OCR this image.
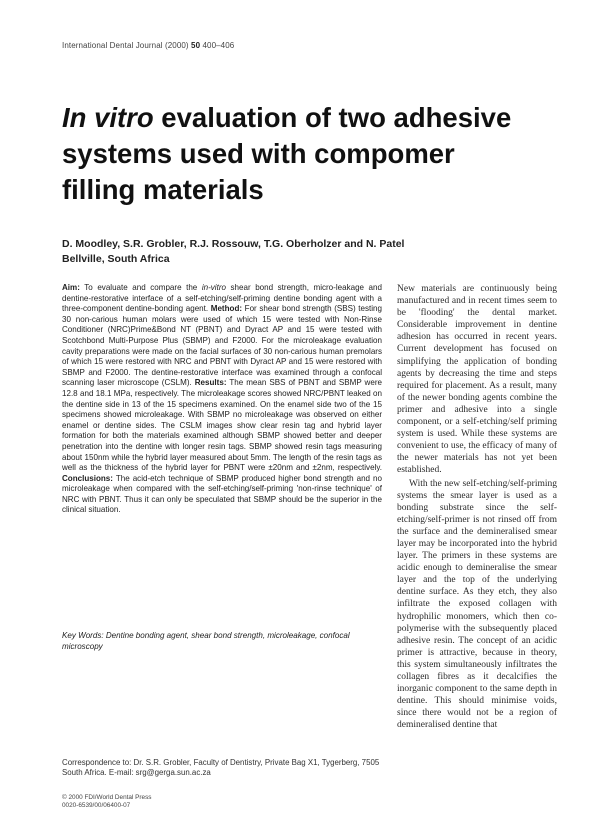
International Dental Journal (2000) 50 400–406
In vitro evaluation of two adhesive
systems used with compomer
filling materials
D. Moodley, S.R. Grobler, R.J. Rossouw, T.G. Oberholzer and N. Patel
Bellville, South Africa

Aim: To evaluate and compare the in-vitro shear bond strength, micro-leakage and dentine-restorative interface of a self-etching/self-priming dentine bonding agent with a three-component dentine-bonding agent. Method: For shear bond strength (SBS) testing 30 non-carious human molars were used of which 15 were tested with Non-Rinse Conditioner (NRC)Prime&Bond NT (PBNT) and Dyract AP and 15 were tested with Scotchbond Multi-Purpose Plus (SBMP) and F2000. For the microleakage evaluation cavity preparations were made on the facial surfaces of 30 non-carious human premolars of which 15 were restored with NRC and PBNT with Dyract AP and 15 were restored with SBMP and F2000. The dentine-restorative interface was examined through a confocal scanning laser microscope (CSLM). Results: The mean SBS of PBNT and SBMP were 12.8 and 18.1 MPa, respectively. The microleakage scores showed NRC/PBNT leaked on the dentine side in 13 of the 15 specimens examined. On the enamel side two of the 15 specimens showed microleakage. With SBMP no microleakage was observed on either enamel or dentine sides. The CSLM images show clear resin tag and hybrid layer formation for both the materials examined although SBMP showed better and deeper penetration into the dentine with longer resin tags. SBMP showed resin tags measuring about 150nm while the hybrid layer measured about 5mm. The length of the resin tags as well as the thickness of the hybrid layer for PBNT were ±20nm and ±2nm, respectively. Conclusions: The acid-etch technique of SBMP produced higher bond strength and no microleakage when compared with the self-etching/self-priming 'non-rinse technique' of NRC with PBNT. Thus it can only be speculated that SBMP should be the superior in the clinical situation.

Key Words: Dentine bonding agent, shear bond strength, microleakage, confocal microscopy
Correspondence to: Dr. S.R. Grobler, Faculty of Dentistry, Private Bag X1, Tygerberg, 7505 South Africa. E-mail: srg@gerga.sun.ac.za
© 2000 FDI/World Dental Press
0020-6539/00/06400-07

New materials are continuously being manufactured and in recent times seem to be 'flooding' the dental market. Considerable improvement in dentine adhesion has occurred in recent years. Current development has focused on simplifying the application of bonding agents by decreasing the time and steps required for placement. As a result, many of the newer bonding agents combine the primer and adhesive into a single component, or a self-etching/self priming system is used. While these systems are convenient to use, the efficacy of many of the newer materials has not yet been established.

With the new self-etching/self-priming systems the smear layer is used as a bonding substrate since the self-etching/self-primer is not rinsed off from the surface and the demineralised smear layer may be incorporated into the hybrid layer. The primers in these systems are acidic enough to demineralise the smear layer and the top of the underlying dentine surface. As they etch, they also infiltrate the exposed collagen with hydrophilic monomers, which then co-polymerise with the subsequently placed adhesive resin. The concept of an acidic primer is attractive, because in theory, this system simultaneously infiltrates the collagen fibres as it decalcifies the inorganic component to the same depth in dentine. This should minimise voids, since there would not be a region of demineralised dentine that
